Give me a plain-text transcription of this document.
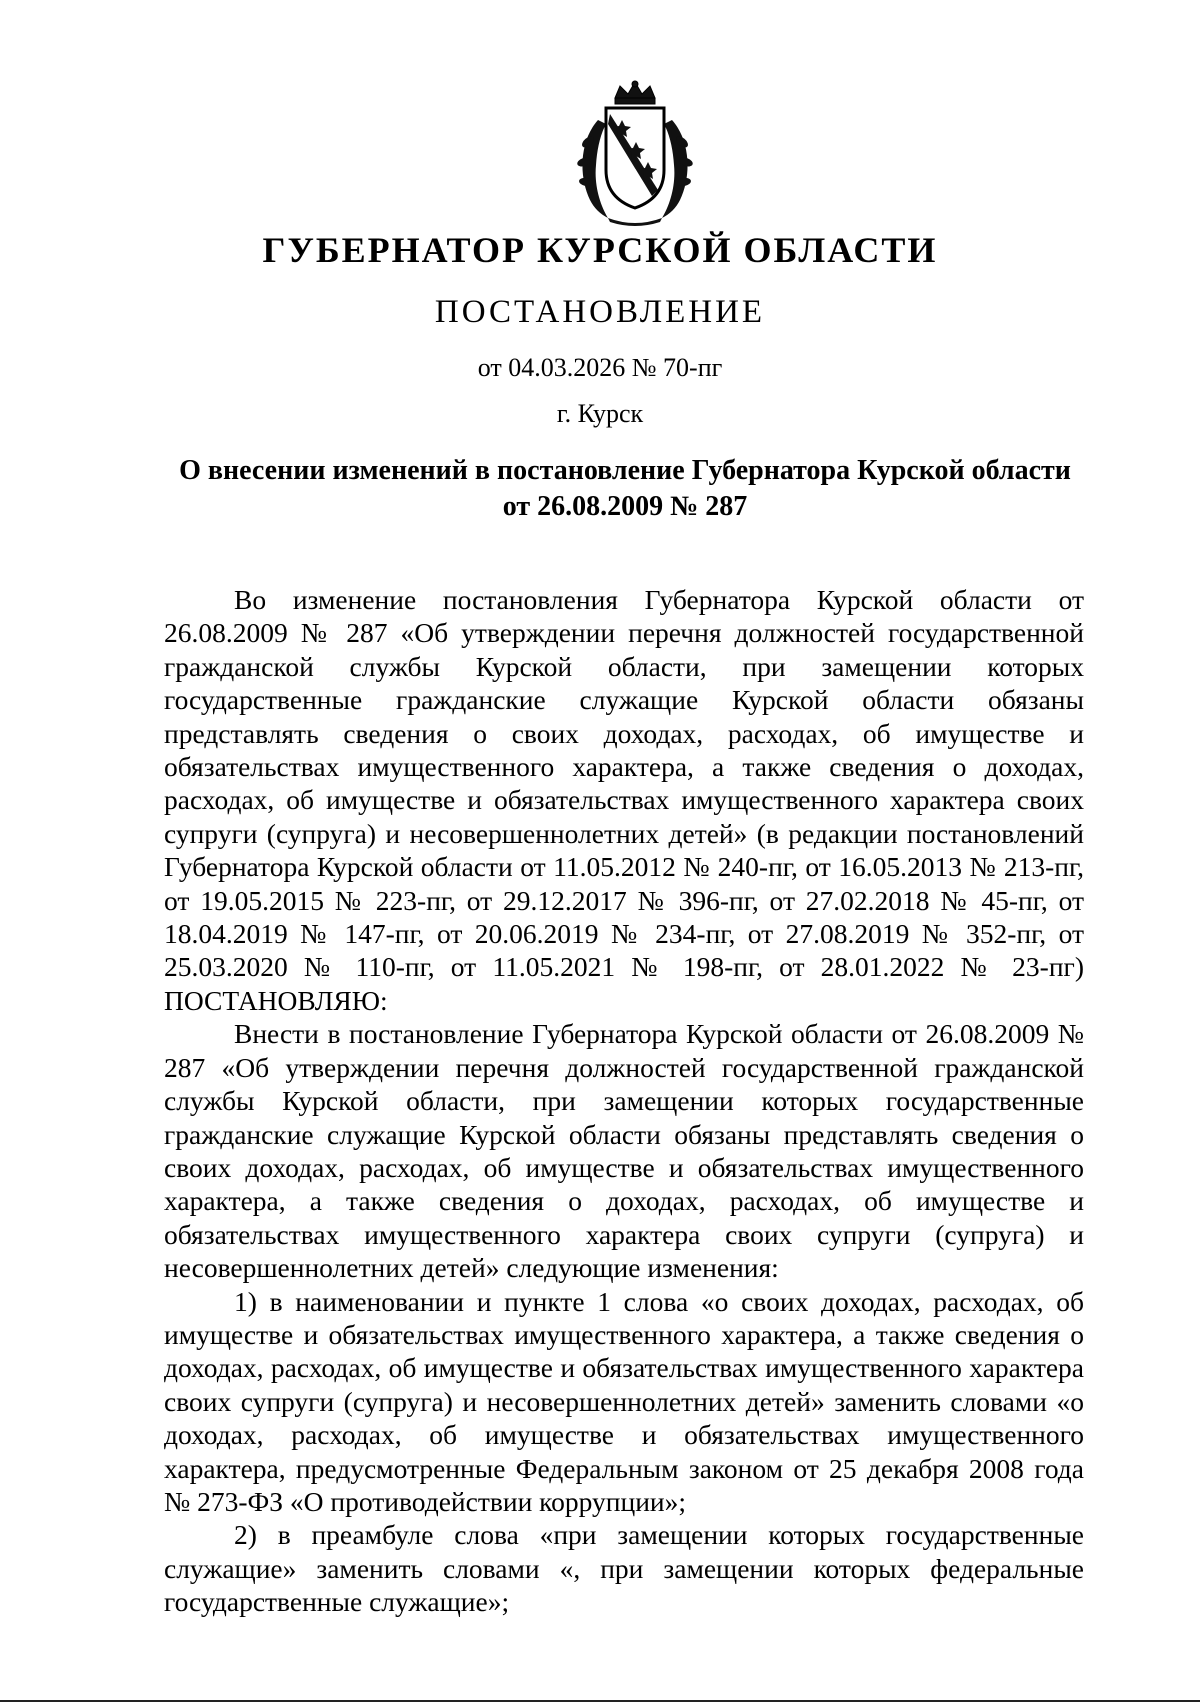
ГУБЕРНАТОР КУРСКОЙ ОБЛАСТИ
ПОСТАНОВЛЕНИЕ
от 04.03.2026 № 70-пг
г. Курск
О внесении изменений в постановление Губернатора Курской области
от 26.08.2009 № 287

Во изменение постановления Губернатора Курской области от 26.08.2009 № 287 «Об утверждении перечня должностей государственной гражданской службы Курской области, при замещении которых государственные гражданские служащие Курской области обязаны представлять сведения о своих доходах, расходах, об имуществе и обязательствах имущественного характера, а также сведения о доходах, расходах, об имуществе и обязательствах имущественного характера своих супруги (супруга) и несовершеннолетних детей» (в редакции постановлений Губернатора Курской области от 11.05.2012 № 240-пг, от 16.05.2013 № 213-пг, от 19.05.2015 № 223-пг, от 29.12.2017 № 396-пг, от 27.02.2018 № 45-пг, от 18.04.2019 № 147-пг, от 20.06.2019 № 234-пг, от 27.08.2019 № 352-пг, от 25.03.2020 № 110-пг, от 11.05.2021 № 198-пг, от 28.01.2022 № 23-пг) ПОСТАНОВЛЯЮ:

Внести в постановление Губернатора Курской области от 26.08.2009 № 287 «Об утверждении перечня должностей государственной гражданской службы Курской области, при замещении которых государственные гражданские служащие Курской области обязаны представлять сведения о своих доходах, расходах, об имуществе и обязательствах имущественного характера, а также сведения о доходах, расходах, об имуществе и обязательствах имущественного характера своих супруги (супруга) и несовершеннолетних детей» следующие изменения:

1) в наименовании и пункте 1 слова «о своих доходах, расходах, об имуществе и обязательствах имущественного характера, а также сведения о доходах, расходах, об имуществе и обязательствах имущественного характера своих супруги (супруга) и несовершеннолетних детей» заменить словами «о доходах, расходах, об имуществе и обязательствах имущественного характера, предусмотренные Федеральным законом от 25 декабря 2008 года № 273-ФЗ «О противодействии коррупции»;

2) в преамбуле слова «при замещении которых государственные служащие» заменить словами «, при замещении которых федеральные государственные служащие»;
